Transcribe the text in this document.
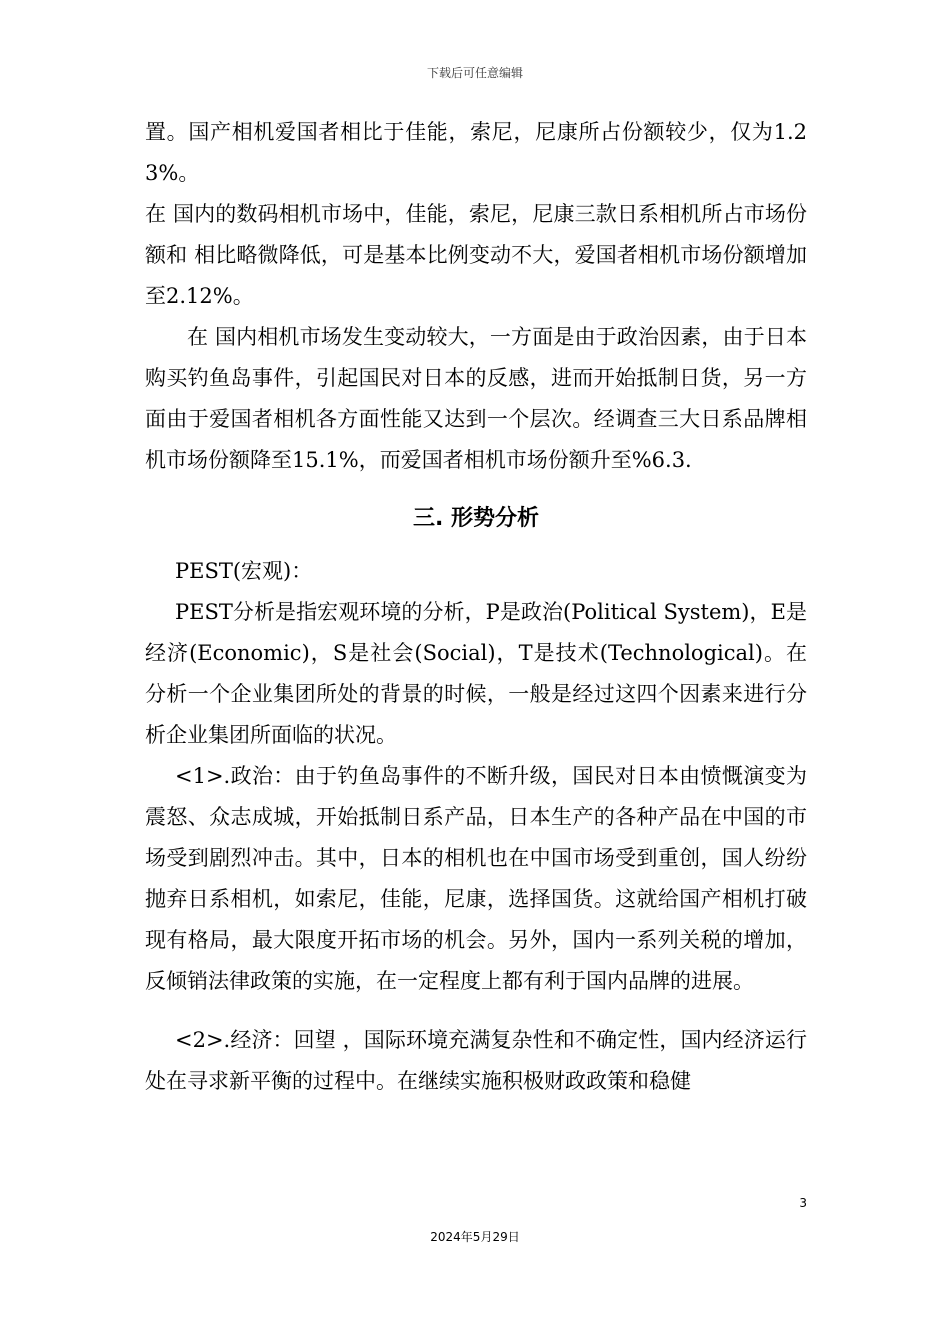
下载后可任意编辑

置。国产相机爱国者相比于佳能，索尼，尼康所占份额较少，仅为1.23%。

在 国内的数码相机市场中，佳能，索尼，尼康三款日系相机所占市场份额和 相比略微降低，可是基本比例变动不大，爱国者相机市场份额增加至2.12%。

在 国内相机市场发生变动较大，一方面是由于政治因素，由于日本购买钓鱼岛事件，引起国民对日本的反感，进而开始抵制日货，另一方面由于爱国者相机各方面性能又达到一个层次。经调查三大日系品牌相机市场份额降至15.1%，而爱国者相机市场份额升至%6.3.

三. 形势分析

PEST(宏观)：

PEST分析是指宏观环境的分析，P是政治(Political System)，E是经济(Economic)，S是社会(Social)，T是技术(Technological)。在分析一个企业集团所处的背景的时候，一般是经过这四个因素来进行分析企业集团所面临的状况。

<1>.政治：由于钓鱼岛事件的不断升级，国民对日本由愤慨演变为震怒、众志成城，开始抵制日系产品，日本生产的各种产品在中国的市场受到剧烈冲击。其中，日本的相机也在中国市场受到重创，国人纷纷抛弃日系相机，如索尼，佳能，尼康，选择国货。这就给国产相机打破现有格局，最大限度开拓市场的机会。另外，国内一系列关税的增加，反倾销法律政策的实施，在一定程度上都有利于国内品牌的进展。

<2>.经济：回望 ，国际环境充满复杂性和不确定性，国内经济运行处在寻求新平衡的过程中。在继续实施积极财政政策和稳健

3
2024年5月29日
